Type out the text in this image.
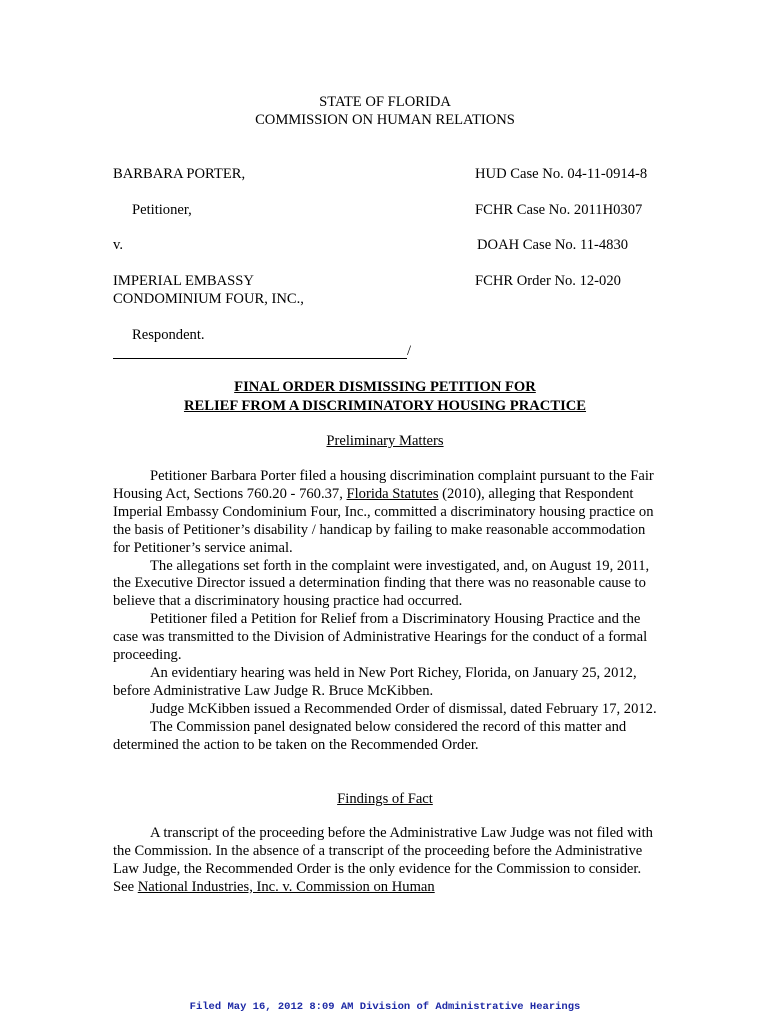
STATE OF FLORIDA
COMMISSION ON HUMAN RELATIONS
BARBARA PORTER,
Petitioner,
v.
IMPERIAL EMBASSY
CONDOMINIUM FOUR, INC.,
Respondent.
/
HUD Case No. 04-11-0914-8
FCHR Case No. 2011H0307
DOAH Case No. 11-4830
FCHR Order No. 12-020
FINAL ORDER DISMISSING PETITION FOR
RELIEF FROM A DISCRIMINATORY HOUSING PRACTICE
Preliminary Matters

Petitioner Barbara Porter filed a housing discrimination complaint pursuant to the Fair Housing Act, Sections 760.20 - 760.37, Florida Statutes (2010), alleging that Respondent Imperial Embassy Condominium Four, Inc., committed a discriminatory housing practice on the basis of Petitioner’s disability / handicap by failing to make reasonable accommodation for Petitioner’s service animal.

The allegations set forth in the complaint were investigated, and, on August 19, 2011, the Executive Director issued a determination finding that there was no reasonable cause to believe that a discriminatory housing practice had occurred.

Petitioner filed a Petition for Relief from a Discriminatory Housing Practice and the case was transmitted to the Division of Administrative Hearings for the conduct of a formal proceeding.

An evidentiary hearing was held in New Port Richey, Florida, on January 25, 2012, before Administrative Law Judge R. Bruce McKibben.

Judge McKibben issued a Recommended Order of dismissal, dated February 17, 2012.

The Commission panel designated below considered the record of this matter and determined the action to be taken on the Recommended Order.

Findings of Fact

A transcript of the proceeding before the Administrative Law Judge was not filed with the Commission. In the absence of a transcript of the proceeding before the Administrative Law Judge, the Recommended Order is the only evidence for the Commission to consider. See National Industries, Inc. v. Commission on Human

Filed May 16, 2012 8:09 AM Division of Administrative Hearings
